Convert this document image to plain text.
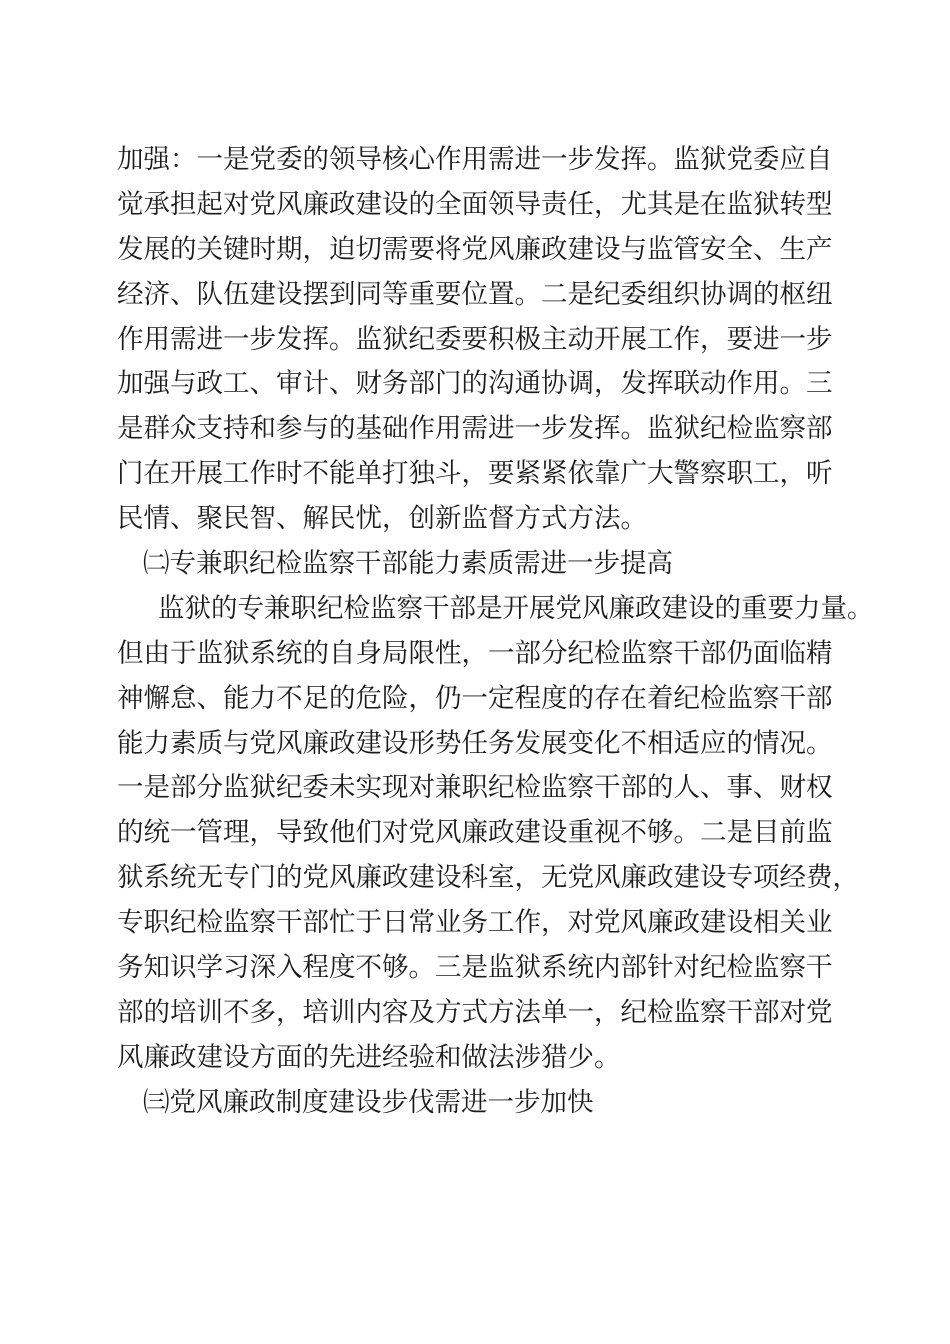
加强：一是党委的领导核心作用需进一步发挥。监狱党委应自
觉承担起对党风廉政建设的全面领导责任，尤其是在监狱转型
发展的关键时期，迫切需要将党风廉政建设与监管安全、生产
经济、队伍建设摆到同等重要位置。二是纪委组织协调的枢纽
作用需进一步发挥。监狱纪委要积极主动开展工作，要进一步
加强与政工、审计、财务部门的沟通协调，发挥联动作用。三
是群众支持和参与的基础作用需进一步发挥。监狱纪检监察部
门在开展工作时不能单打独斗，要紧紧依靠广大警察职工，听
民情、聚民智、解民忧，创新监督方式方法。
㈡专兼职纪检监察干部能力素质需进一步提高
监狱的专兼职纪检监察干部是开展党风廉政建设的重要力量。
但由于监狱系统的自身局限性，一部分纪检监察干部仍面临精
神懈怠、能力不足的危险，仍一定程度的存在着纪检监察干部
能力素质与党风廉政建设形势任务发展变化不相适应的情况。
一是部分监狱纪委未实现对兼职纪检监察干部的人、事、财权
的统一管理，导致他们对党风廉政建设重视不够。二是目前监
狱系统无专门的党风廉政建设科室，无党风廉政建设专项经费，
专职纪检监察干部忙于日常业务工作，对党风廉政建设相关业
务知识学习深入程度不够。三是监狱系统内部针对纪检监察干
部的培训不多，培训内容及方式方法单一，纪检监察干部对党
风廉政建设方面的先进经验和做法涉猎少。
㈢党风廉政制度建设步伐需进一步加快
